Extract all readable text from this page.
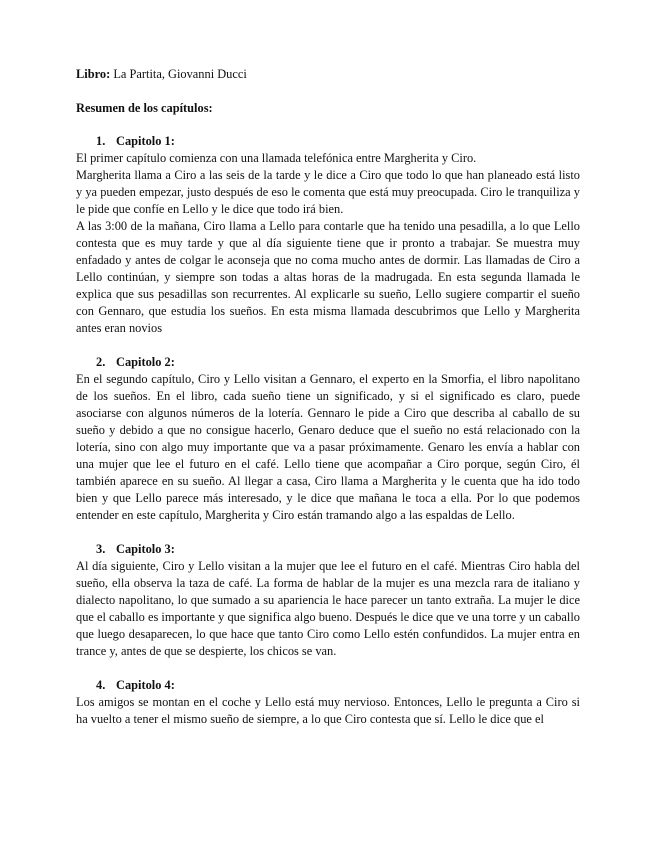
Libro: La Partita, Giovanni Ducci

Resumen de los capítulos:

1. Capitolo 1:

El primer capítulo comienza con una llamada telefónica entre Margherita y Ciro.

Margherita llama a Ciro a las seis de la tarde y le dice a Ciro que todo lo que han planeado está listo y ya pueden empezar, justo después de eso le comenta que está muy preocupada. Ciro le tranquiliza y le pide que confíe en Lello y le dice que todo irá bien.

A las 3:00 de la mañana, Ciro llama a Lello para contarle que ha tenido una pesadilla, a lo que Lello contesta que es muy tarde y que al día siguiente tiene que ir pronto a trabajar. Se muestra muy enfadado y antes de colgar le aconseja que no coma mucho antes de dormir. Las llamadas de Ciro a Lello continúan, y siempre son todas a altas horas de la madrugada. En esta segunda llamada le explica que sus pesadillas son recurrentes. Al explicarle su sueño, Lello sugiere compartir el sueño con Gennaro, que estudia los sueños. En esta misma llamada descubrimos que Lello y Margherita antes eran novios

2. Capitolo 2:

En el segundo capítulo, Ciro y Lello visitan a Gennaro, el experto en la Smorfia, el libro napolitano de los sueños. En el libro, cada sueño tiene un significado, y si el significado es claro, puede asociarse con algunos números de la lotería. Gennaro le pide a Ciro que describa al caballo de su sueño y debido a que no consigue hacerlo, Genaro deduce que el sueño no está relacionado con la lotería, sino con algo muy importante que va a pasar próximamente. Genaro les envía a hablar con una mujer que lee el futuro en el café. Lello tiene que acompañar a Ciro porque, según Ciro, él también aparece en su sueño. Al llegar a casa, Ciro llama a Margherita y le cuenta que ha ido todo bien y que Lello parece más interesado, y le dice que mañana le toca a ella. Por lo que podemos entender en este capítulo, Margherita y Ciro están tramando algo a las espaldas de Lello.

3. Capitolo 3:

Al día siguiente, Ciro y Lello visitan a la mujer que lee el futuro en el café. Mientras Ciro habla del sueño, ella observa la taza de café. La forma de hablar de la mujer es una mezcla rara de italiano y dialecto napolitano, lo que sumado a su apariencia le hace parecer un tanto extraña. La mujer le dice que el caballo es importante y que significa algo bueno. Después le dice que ve una torre y un caballo que luego desaparecen, lo que hace que tanto Ciro como Lello estén confundidos. La mujer entra en trance y, antes de que se despierte, los chicos se van.

4. Capitolo 4:

Los amigos se montan en el coche y Lello está muy nervioso. Entonces, Lello le pregunta a Ciro si ha vuelto a tener el mismo sueño de siempre, a lo que Ciro contesta que sí. Lello le dice que el
